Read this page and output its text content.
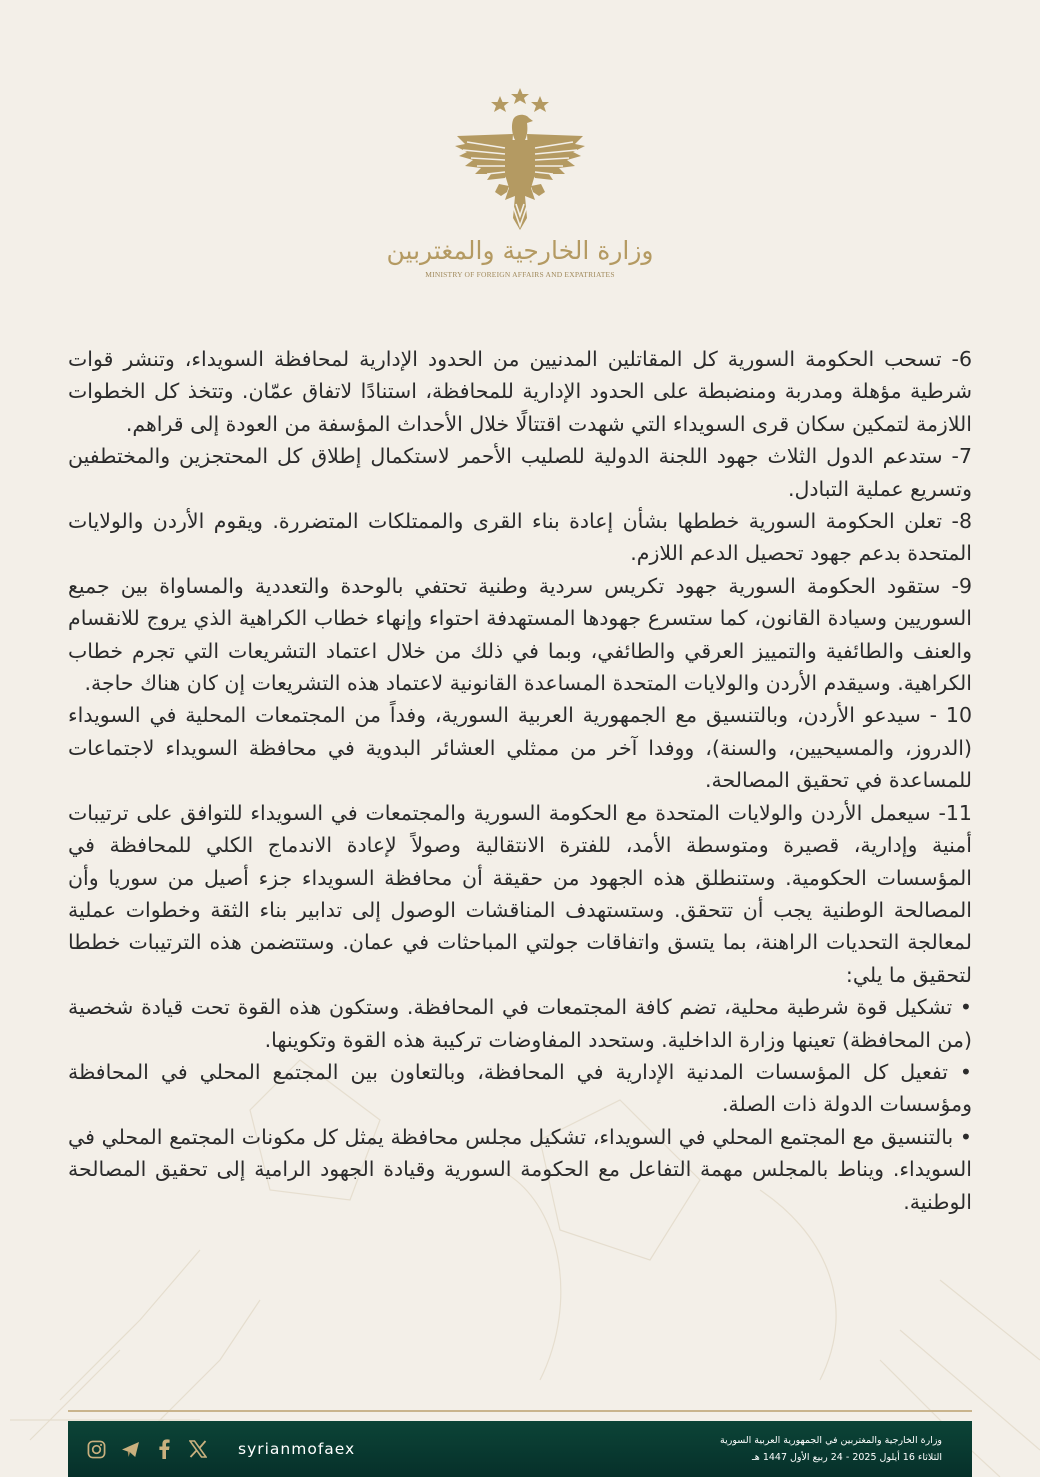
وزارة الخارجية والمغتربين
MINISTRY OF FOREIGN AFFAIRS AND EXPATRIATES

6- تسحب الحكومة السورية كل المقاتلين المدنيين من الحدود الإدارية لمحافظة السويداء، وتنشر قوات شرطية مؤهلة ومدربة ومنضبطة على الحدود الإدارية للمحافظة، استنادًا لاتفاق عمّان. وتتخذ كل الخطوات اللازمة لتمكين سكان قرى السويداء التي شهدت اقتتالًا خلال الأحداث المؤسفة من العودة إلى قراهم.

7- ستدعم الدول الثلاث جهود اللجنة الدولية للصليب الأحمر لاستكمال إطلاق كل المحتجزين والمختطفين وتسريع عملية التبادل.

8- تعلن الحكومة السورية خططها بشأن إعادة بناء القرى والممتلكات المتضررة. ويقوم الأردن والولايات المتحدة بدعم جهود تحصيل الدعم اللازم.

9- ستقود الحكومة السورية جهود تكريس سردية وطنية تحتفي بالوحدة والتعددية والمساواة بين جميع السوريين وسيادة القانون، كما ستسرع جهودها المستهدفة احتواء وإنهاء خطاب الكراهية الذي يروج للانقسام والعنف والطائفية والتمييز العرقي والطائفي، وبما في ذلك من خلال اعتماد التشريعات التي تجرم خطاب الكراهية. وسيقدم الأردن والولايات المتحدة المساعدة القانونية لاعتماد هذه التشريعات إن كان هناك حاجة.

10 - سيدعو الأردن، وبالتنسيق مع الجمهورية العربية السورية، وفداً من المجتمعات المحلية في السويداء (الدروز، والمسيحيين، والسنة)، ووفدا آخر من ممثلي العشائر البدوية في محافظة السويداء لاجتماعات للمساعدة في تحقيق المصالحة.

11- سيعمل الأردن والولايات المتحدة مع الحكومة السورية والمجتمعات في السويداء للتوافق على ترتيبات أمنية وإدارية، قصيرة ومتوسطة الأمد، للفترة الانتقالية وصولاً لإعادة الاندماج الكلي للمحافظة في المؤسسات الحكومية. وستنطلق هذه الجهود من حقيقة أن محافظة السويداء جزء أصيل من سوريا وأن المصالحة الوطنية يجب أن تتحقق. وستستهدف المناقشات الوصول إلى تدابير بناء الثقة وخطوات عملية لمعالجة التحديات الراهنة، بما يتسق واتفاقات جولتي المباحثات في عمان. وستتضمن هذه الترتيبات خططا لتحقيق ما يلي:

• تشكيل قوة شرطية محلية، تضم كافة المجتمعات في المحافظة. وستكون هذه القوة تحت قيادة شخصية (من المحافظة) تعينها وزارة الداخلية. وستحدد المفاوضات تركيبة هذه القوة وتكوينها.

• تفعيل كل المؤسسات المدنية الإدارية في المحافظة، وبالتعاون بين المجتمع المحلي في المحافظة ومؤسسات الدولة ذات الصلة.

• بالتنسيق مع المجتمع المحلي في السويداء، تشكيل مجلس محافظة يمثل كل مكونات المجتمع المحلي في السويداء. ويناط بالمجلس مهمة التفاعل مع الحكومة السورية وقيادة الجهود الرامية إلى تحقيق المصالحة الوطنية.

syrianmofaex	وزارة الخارجية والمغتربين في الجمهورية العربية السورية
الثلاثاء 16 أيلول 2025 - 24 ربيع الأول 1447 هـ
